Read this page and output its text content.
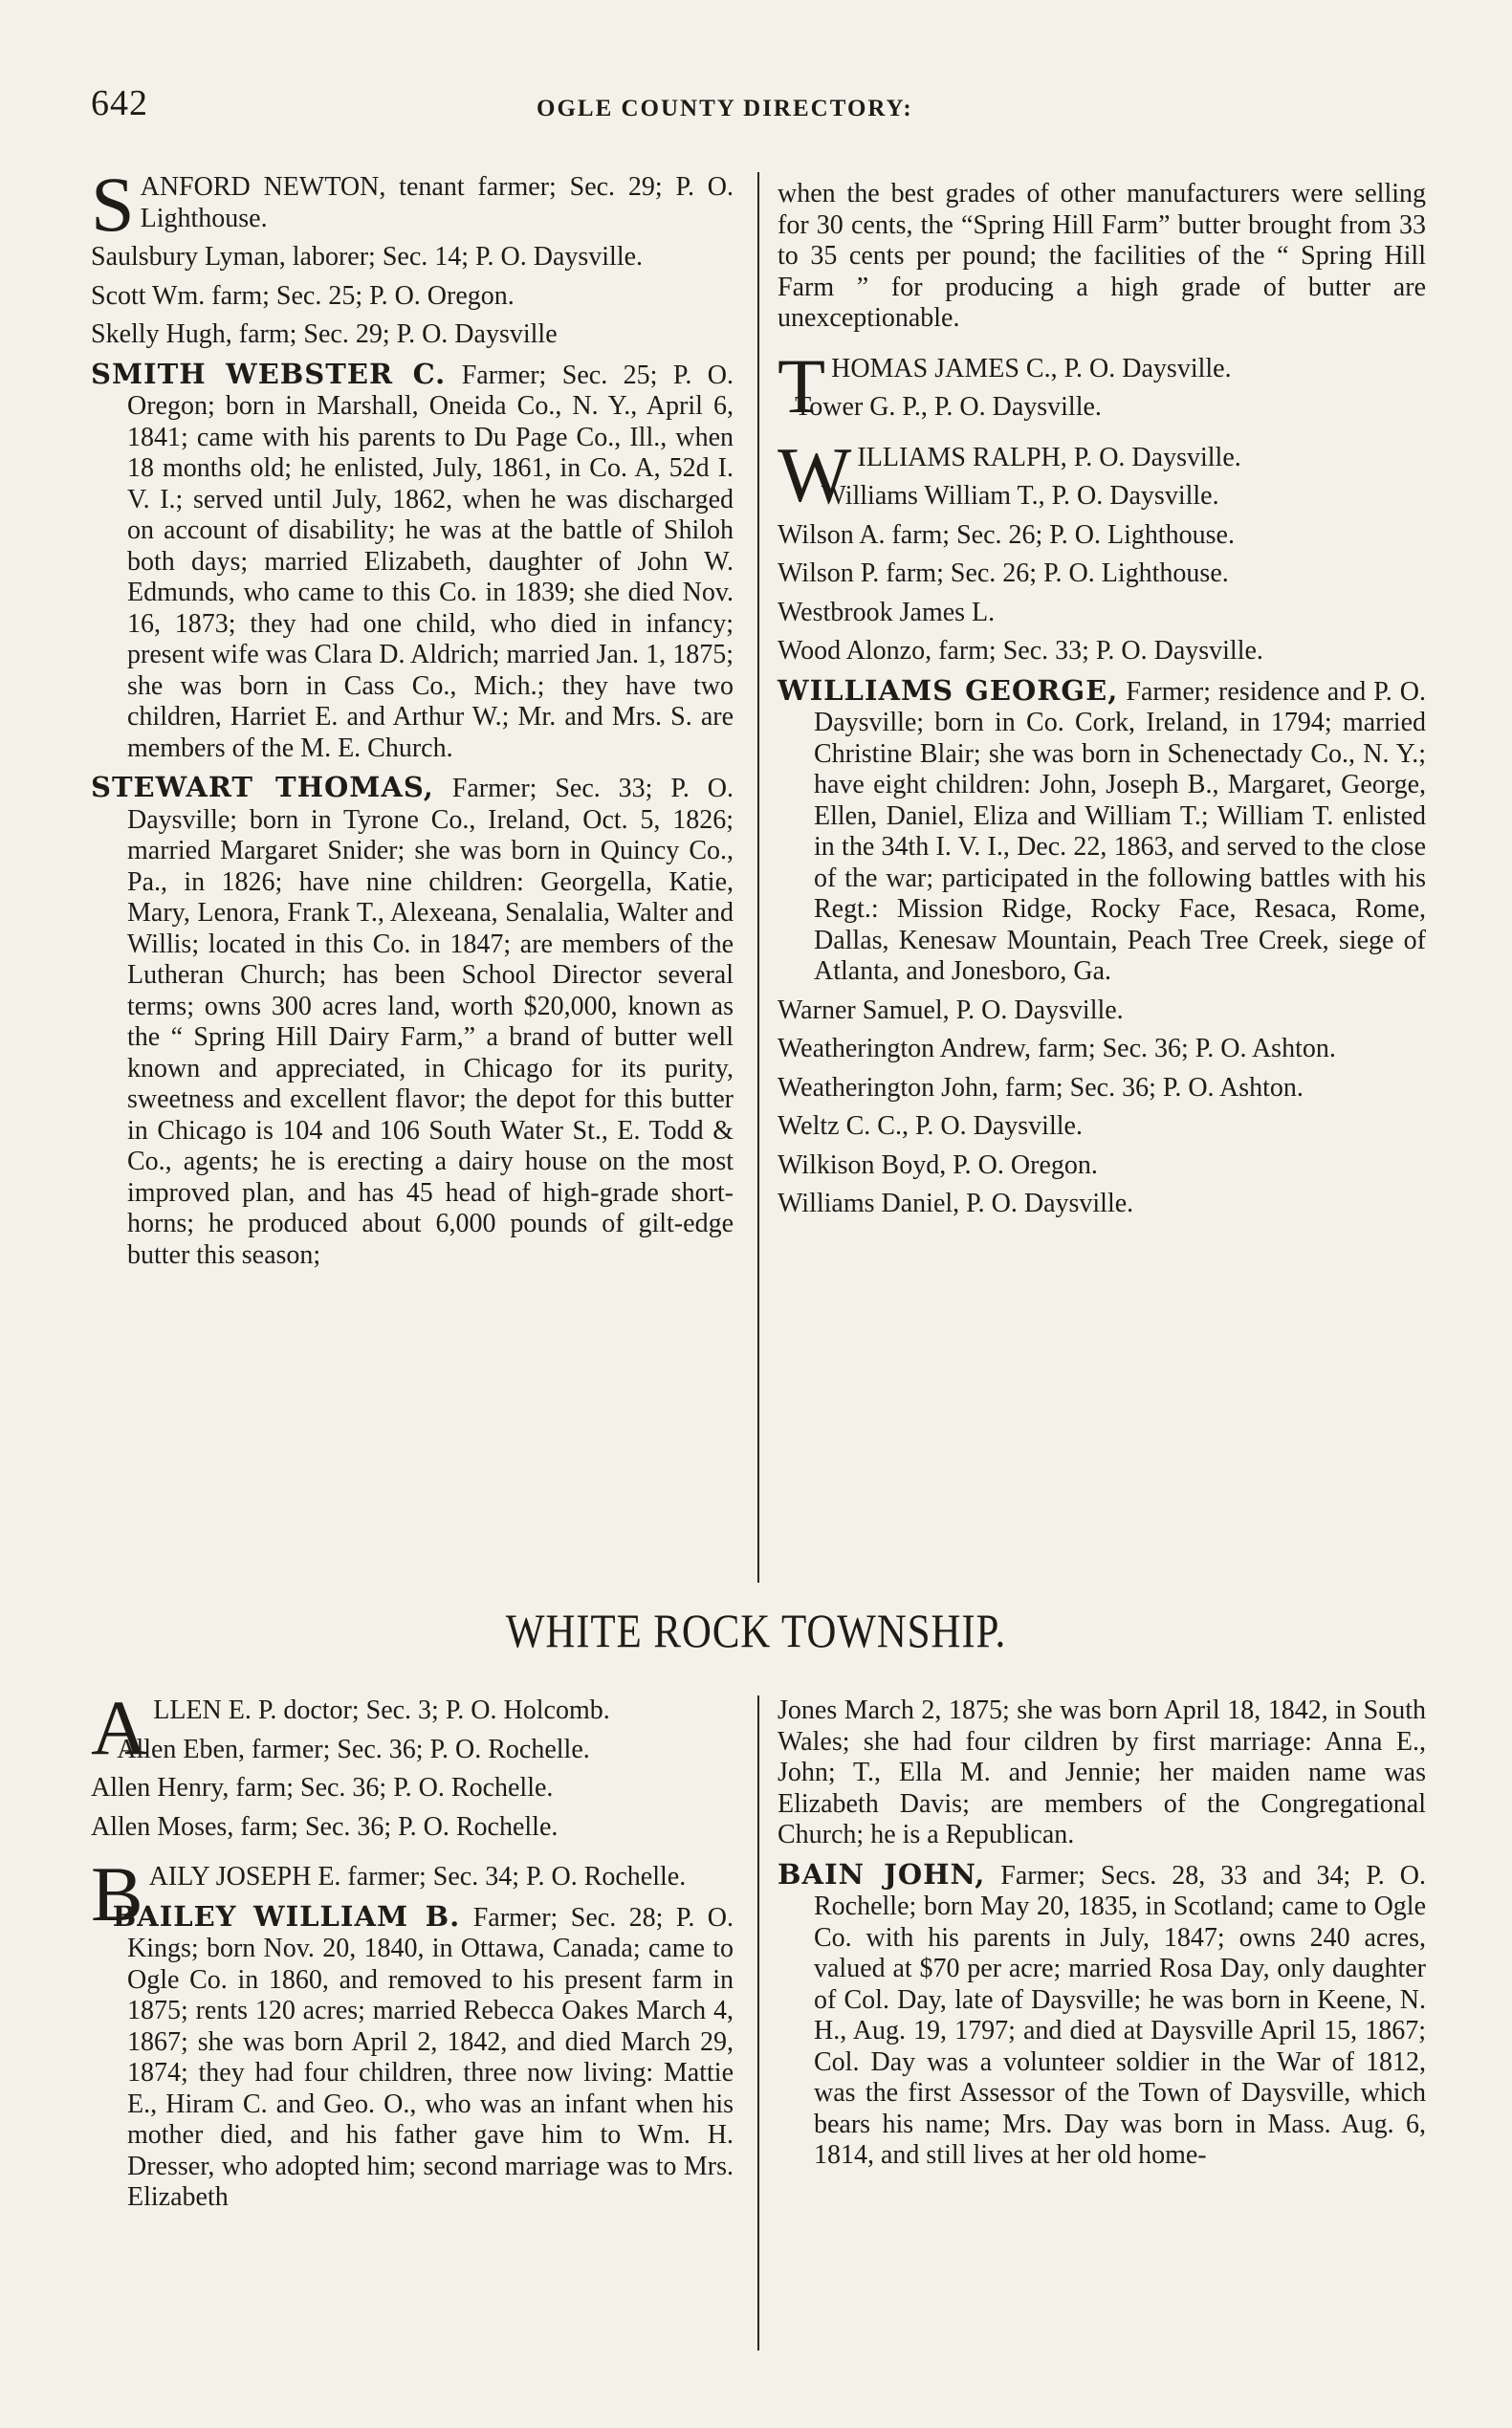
642	OGLE COUNTY DIRECTORY:

SANFORD NEWTON, tenant farmer; Sec. 29; P. O. Lighthouse.

Saulsbury Lyman, laborer; Sec. 14; P. O. Daysville.

Scott Wm. farm; Sec. 25; P. O. Oregon.

Skelly Hugh, farm; Sec. 29; P. O. Daysville

SMITH WEBSTER C. Farmer; Sec. 25; P. O. Oregon; born in Marshall, Oneida Co., N. Y., April 6, 1841; came with his parents to Du Page Co., Ill., when 18 months old; he enlisted, July, 1861, in Co. A, 52d I. V. I.; served until July, 1862, when he was discharged on account of disability; he was at the battle of Shiloh both days; married Elizabeth, daughter of John W. Edmunds, who came to this Co. in 1839; she died Nov. 16, 1873; they had one child, who died in infancy; present wife was Clara D. Aldrich; married Jan. 1, 1875; she was born in Cass Co., Mich.; they have two children, Harriet E. and Arthur W.; Mr. and Mrs. S. are members of the M. E. Church.

STEWART THOMAS, Farmer; Sec. 33; P. O. Daysville; born in Tyrone Co., Ireland, Oct. 5, 1826; married Margaret Snider; she was born in Quincy Co., Pa., in 1826; have nine children: Georgella, Katie, Mary, Lenora, Frank T., Alexeana, Senalalia, Walter and Willis; located in this Co. in 1847; are members of the Lutheran Church; has been School Director several terms; owns 300 acres land, worth $20,000, known as the “ Spring Hill Dairy Farm,” a brand of butter well known and appreciated, in Chicago for its purity, sweetness and excellent flavor; the depot for this butter in Chicago is 104 and 106 South Water St., E. Todd & Co., agents; he is erecting a dairy house on the most improved plan, and has 45 head of high-grade short-horns; he produced about 6,000 pounds of gilt-edge butter this season;

when the best grades of other manufacturers were selling for 30 cents, the “Spring Hill Farm” butter brought from 33 to 35 cents per pound; the facilities of the “ Spring Hill Farm ” for producing a high grade of butter are unexceptionable.

THOMAS JAMES C., P. O. Daysville.

Tower G. P., P. O. Daysville.

WILLIAMS RALPH, P. O. Daysville.

Williams William T., P. O. Daysville.

Wilson A. farm; Sec. 26; P. O. Lighthouse.

Wilson P. farm; Sec. 26; P. O. Lighthouse.

Westbrook James L.

Wood Alonzo, farm; Sec. 33; P. O. Daysville.

WILLIAMS GEORGE, Farmer; residence and P. O. Daysville; born in Co. Cork, Ireland, in 1794; married Christine Blair; she was born in Schenectady Co., N. Y.; have eight children: John, Joseph B., Margaret, George, Ellen, Daniel, Eliza and William T.; William T. enlisted in the 34th I. V. I., Dec. 22, 1863, and served to the close of the war; participated in the following battles with his Regt.: Mission Ridge, Rocky Face, Resaca, Rome, Dallas, Kenesaw Mountain, Peach Tree Creek, siege of Atlanta, and Jonesboro, Ga.

Warner Samuel, P. O. Daysville.

Weatherington Andrew, farm; Sec. 36; P. O. Ashton.

Weatherington John, farm; Sec. 36; P. O. Ashton.

Weltz C. C., P. O. Daysville.

Wilkison Boyd, P. O. Oregon.

Williams Daniel, P. O. Daysville.

WHITE ROCK TOWNSHIP.

ALLEN E. P. doctor; Sec. 3; P. O. Holcomb.

Allen Eben, farmer; Sec. 36; P. O. Rochelle.

Allen Henry, farm; Sec. 36; P. O. Rochelle.

Allen Moses, farm; Sec. 36; P. O. Rochelle.

BAILY JOSEPH E. farmer; Sec. 34; P. O. Rochelle.

BAILEY WILLIAM B. Farmer; Sec. 28; P. O. Kings; born Nov. 20, 1840, in Ottawa, Canada; came to Ogle Co. in 1860, and removed to his present farm in 1875; rents 120 acres; married Rebecca Oakes March 4, 1867; she was born April 2, 1842, and died March 29, 1874; they had four children, three now living: Mattie E., Hiram C. and Geo. O., who was an infant when his mother died, and his father gave him to Wm. H. Dresser, who adopted him; second marriage was to Mrs. Elizabeth

Jones March 2, 1875; she was born April 18, 1842, in South Wales; she had four cildren by first marriage: Anna E., John; T., Ella M. and Jennie; her maiden name was Elizabeth Davis; are members of the Congregational Church; he is a Republican.

BAIN JOHN, Farmer; Secs. 28, 33 and 34; P. O. Rochelle; born May 20, 1835, in Scotland; came to Ogle Co. with his parents in July, 1847; owns 240 acres, valued at $70 per acre; married Rosa Day, only daughter of Col. Day, late of Daysville; he was born in Keene, N. H., Aug. 19, 1797; and died at Daysville April 15, 1867; Col. Day was a volunteer soldier in the War of 1812, was the first Assessor of the Town of Daysville, which bears his name; Mrs. Day was born in Mass. Aug. 6, 1814, and still lives at her old home-
